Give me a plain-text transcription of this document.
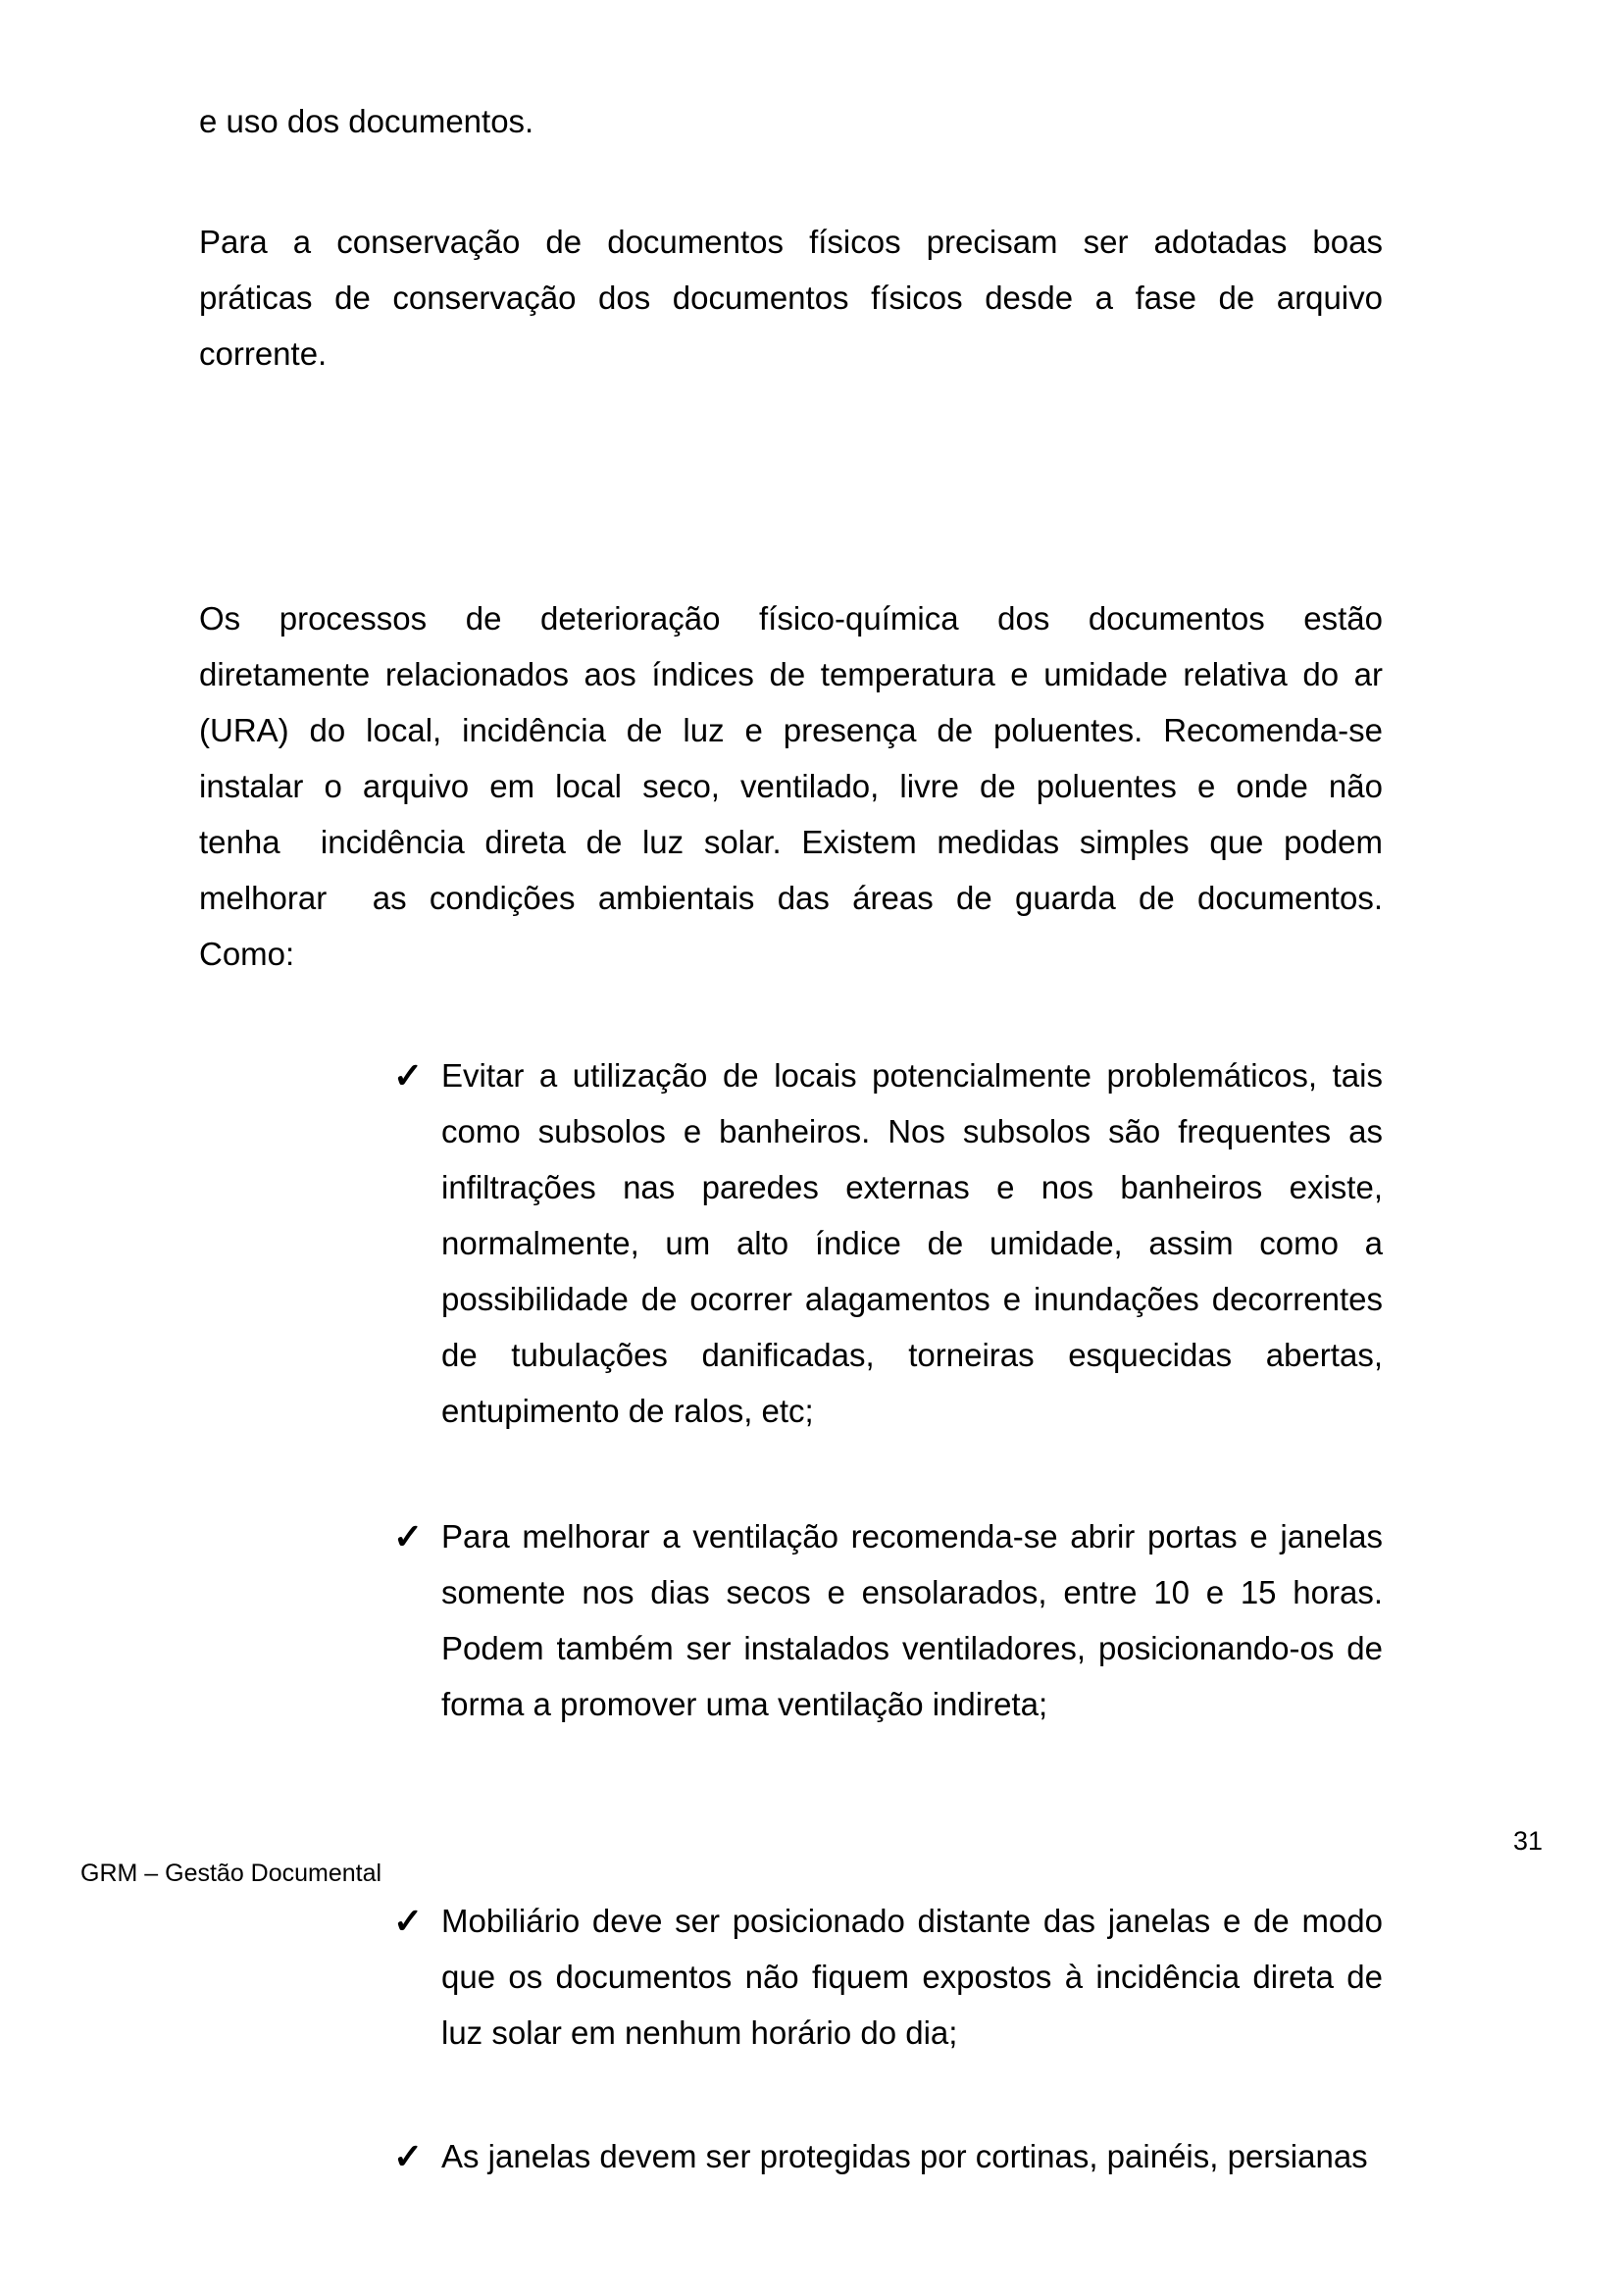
e uso dos documentos.
Para a conservação de documentos físicos precisam ser adotadas boas
práticas de conservação dos documentos físicos desde a fase de arquivo
corrente.
Os processos de deterioração físico-química dos documentos estão
diretamente relacionados aos índices de temperatura e umidade relativa do ar
(URA) do local, incidência de luz e presença de poluentes. Recomenda-se
instalar o arquivo em local seco, ventilado, livre de poluentes e onde não
tenha  incidência direta de luz solar. Existem medidas simples que podem
melhorar  as condições ambientais das áreas de guarda de documentos.
Como:
✓ Evitar a utilização de locais potencialmente problemáticos, tais
como subsolos e banheiros. Nos subsolos são frequentes as
infiltrações nas paredes externas e nos banheiros existe,
normalmente, um alto índice de umidade, assim como a
possibilidade de ocorrer alagamentos e inundações decorrentes
de tubulações danificadas, torneiras esquecidas abertas,
entupimento de ralos, etc;
✓ Para melhorar a ventilação recomenda-se abrir portas e janelas
somente nos dias secos e ensolarados, entre 10 e 15 horas.
Podem também ser instalados ventiladores, posicionando-os de
forma a promover uma ventilação indireta;
✓ Mobiliário deve ser posicionado distante das janelas e de modo
que os documentos não fiquem expostos à incidência direta de
luz solar em nenhum horário do dia;
✓ As janelas devem ser protegidas por cortinas, painéis, persianas
31
GRM – Gestão Documental
